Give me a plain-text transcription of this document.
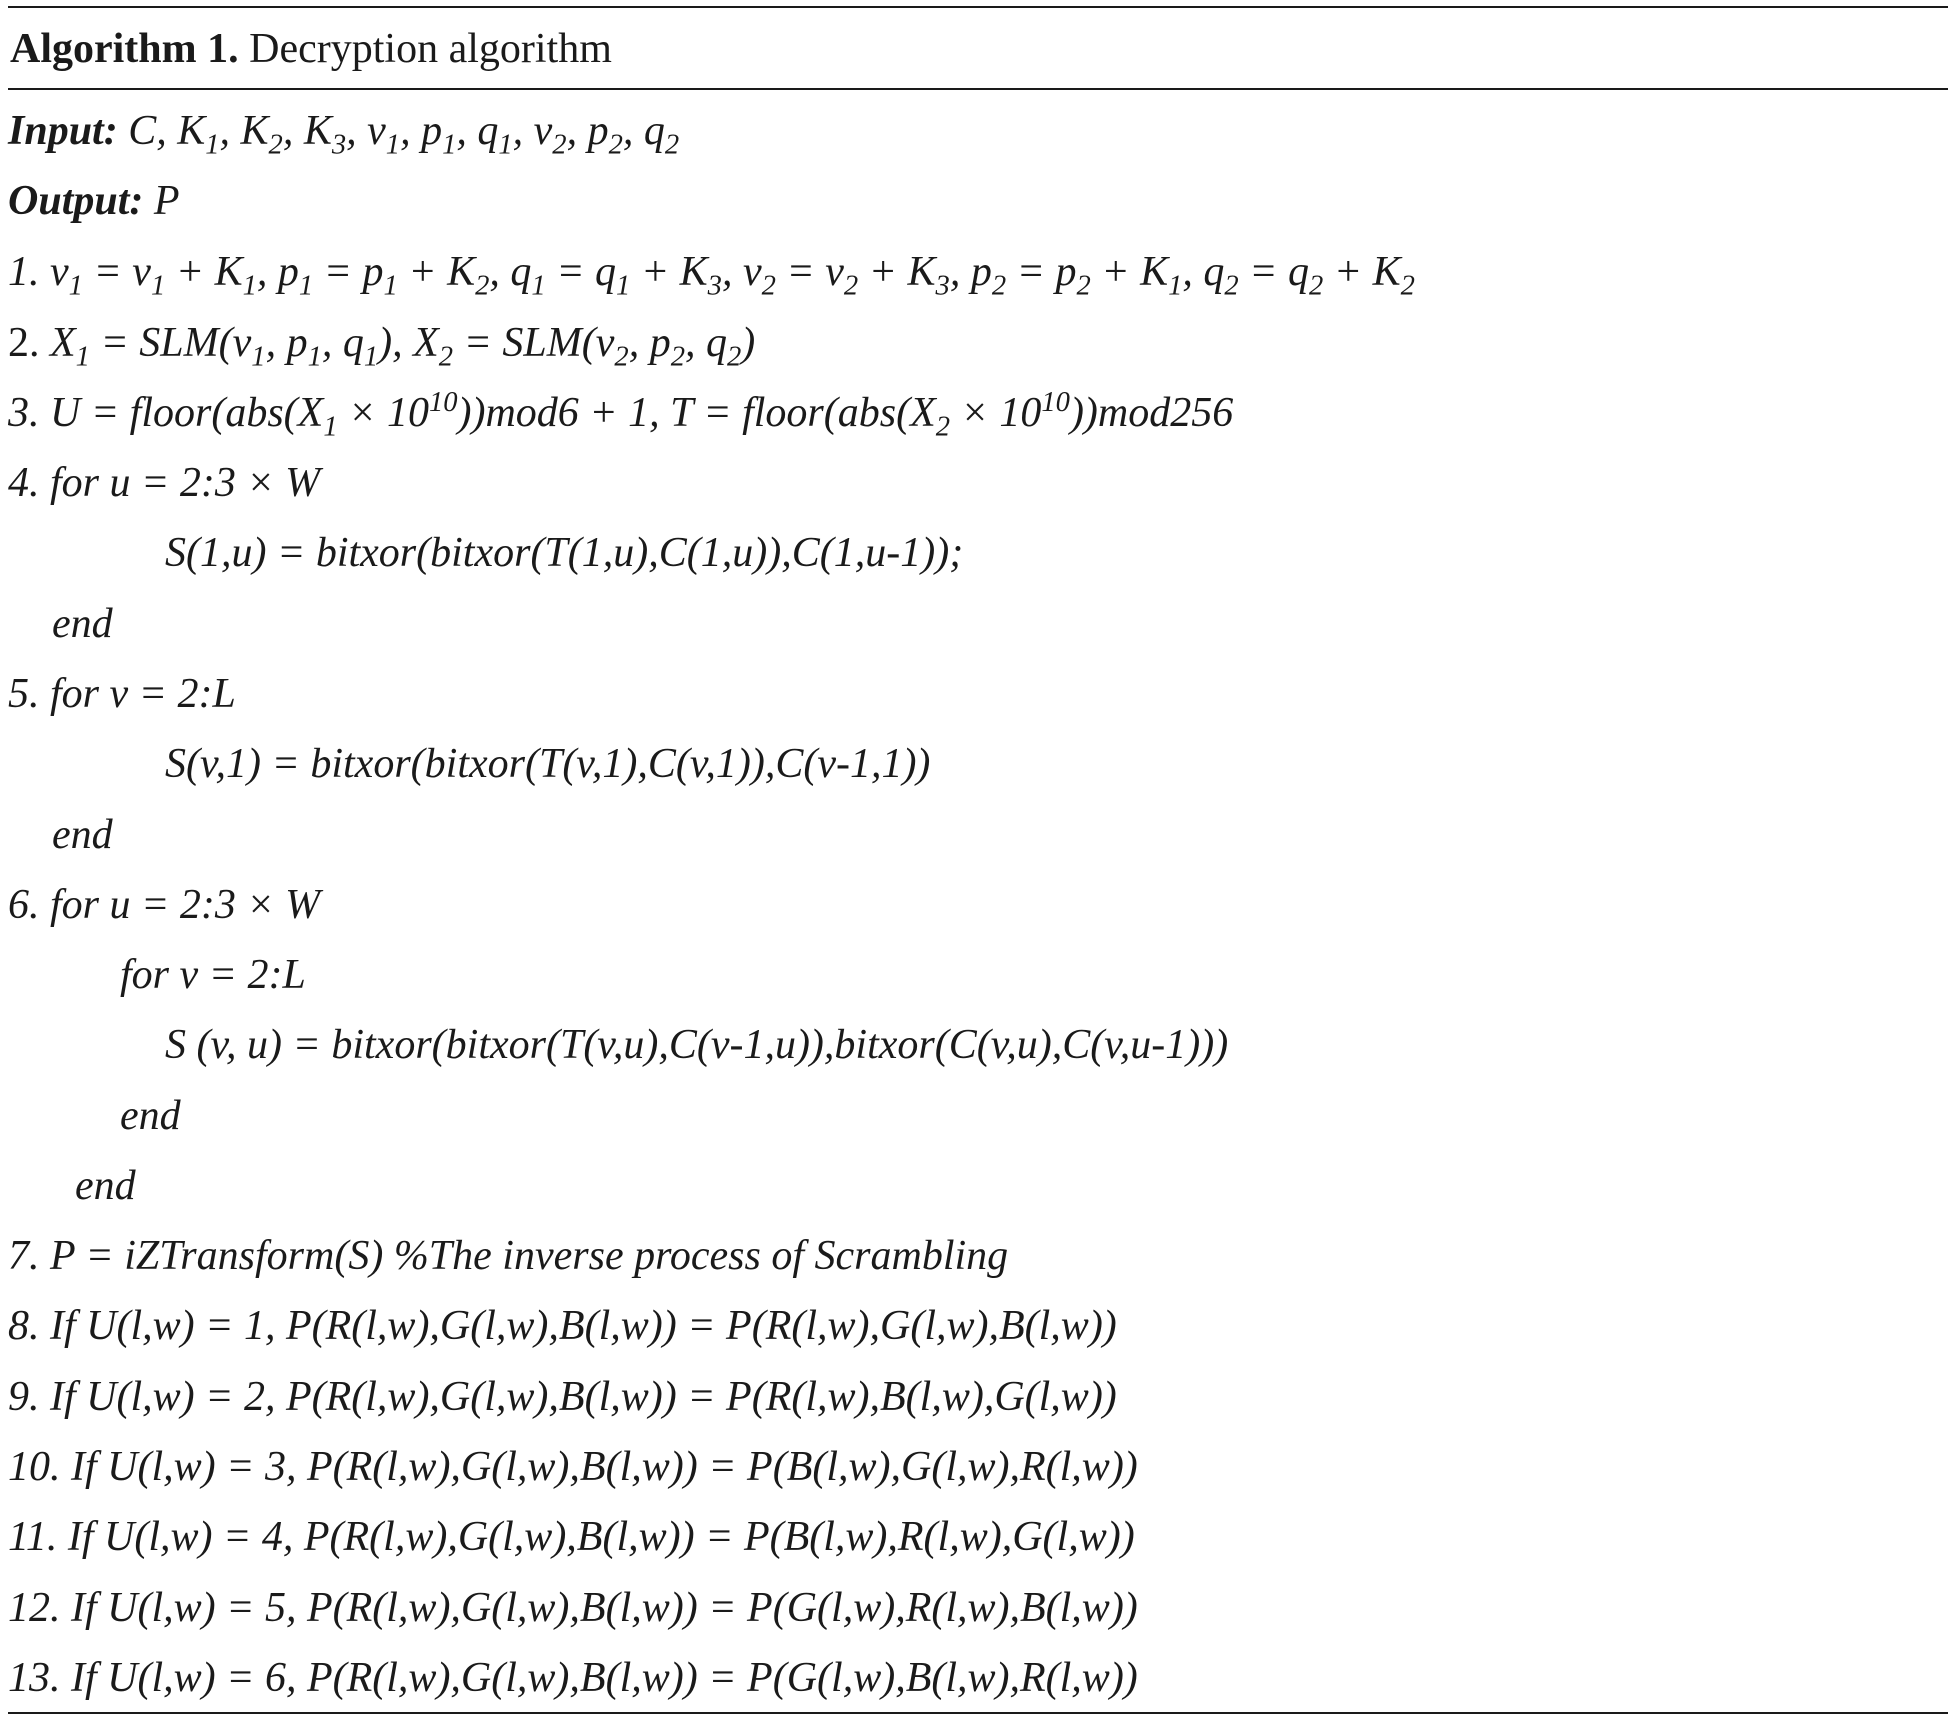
Algorithm 1. Decryption algorithm
Input: C, $K_1$, $K_2$, $K_3$, $v_1$, $p_1$, $q_1$, $v_2$, $p_2$, $q_2$
Output: P
1. $v_1 = v_1 + K_1$, $p_1 = p_1 + K_2$, $q_1 = q_1 + K_3$, $v_2 = v_2 + K_3$, $p_2 = p_2 + K_1$, $q_2 = q_2 + K_2$
2. $X_1 = SLM(v_1$, $p_1$, $q_1$), $X_2 = SLM(v_2$, $p_2$, $q_2$)
3. $U = floor(abs(X_1 \times 10^{10}))mod6 + 1$, $T = floor(abs(X_2 \times 10^{10}))mod256$
4. for u = 2:3 × W
S(1,u) = bitxor(bitxor(T(1,u),C(1,u)),C(1,u-1));
end
5. for v = 2:L
S(v,1) = bitxor(bitxor(T(v,1),C(v,1)),C(v-1,1))
end
6. for u = 2:3 × W
for v = 2:L
S (v, u) = bitxor(bitxor(T(v,u),C(v-1,u)),bitxor(C(v,u),C(v,u-1)))
end
end
7. P = iZTransform(S) %The inverse process of Scrambling
8. If U(l,w) = 1, P(R(l,w),G(l,w),B(l,w)) = P(R(l,w),G(l,w),B(l,w))
9. If U(l,w) = 2, P(R(l,w),G(l,w),B(l,w)) = P(R(l,w),B(l,w),G(l,w))
10. If U(l,w) = 3, P(R(l,w),G(l,w),B(l,w)) = P(B(l,w),G(l,w),R(l,w))
11. If U(l,w) = 4, P(R(l,w),G(l,w),B(l,w)) = P(B(l,w),R(l,w),G(l,w))
12. If U(l,w) = 5, P(R(l,w),G(l,w),B(l,w)) = P(G(l,w),R(l,w),B(l,w))
13. If U(l,w) = 6, P(R(l,w),G(l,w),B(l,w)) = P(G(l,w),B(l,w),R(l,w))
